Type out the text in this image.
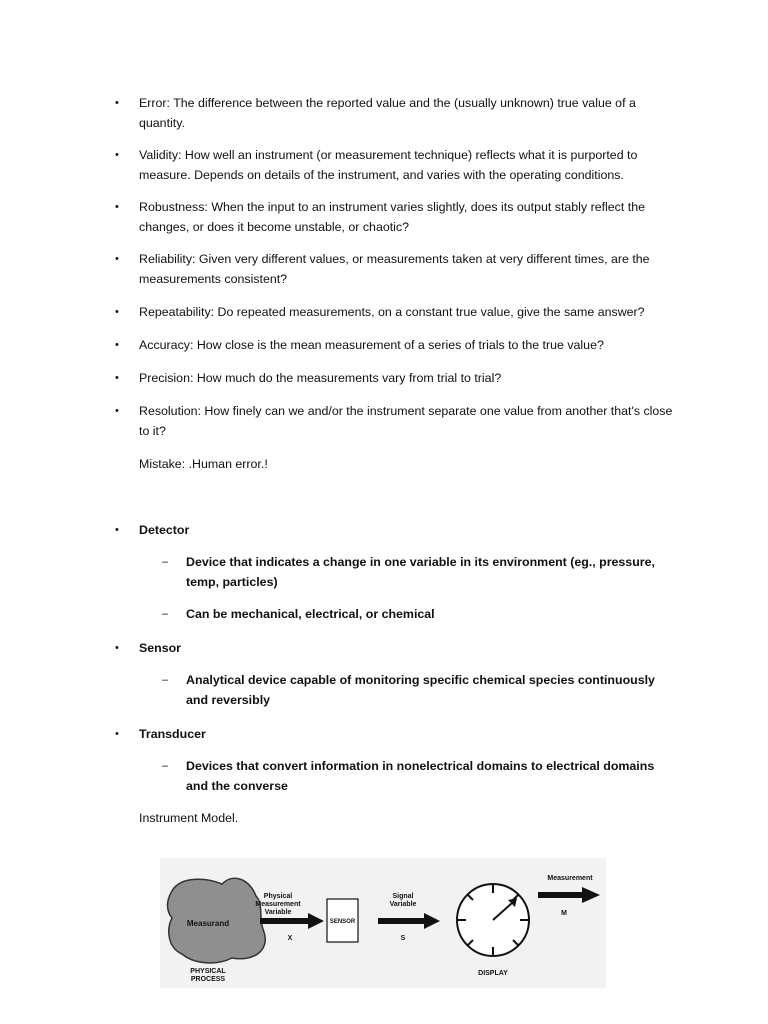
• Error: The difference between the reported value and the (usually unknown) true value of a quantity.
• Validity: How well an instrument (or measurement technique) reflects what it is purported to measure. Depends on details of the instrument, and varies with the operating conditions.
• Robustness: When the input to an instrument varies slightly, does its output stably reflect the changes, or does it become unstable, or chaotic?
• Reliability: Given very different values, or measurements taken at very different times, are the measurements consistent?
• Repeatability: Do repeated measurements, on a constant true value, give the same answer?
• Accuracy: How close is the mean measurement of a series of trials to the true value?
• Precision: How much do the measurements vary from trial to trial?
• Resolution: How finely can we and/or the instrument separate one value from another that's close to it?
Mistake: .Human error.!
• Detector
– Device that indicates a change in one variable in its environment (eg., pressure, temp, particles)
– Can be mechanical, electrical, or chemical
• Sensor
– Analytical device capable of monitoring specific chemical species continuously and reversibly
• Transducer
– Devices that convert information in nonelectrical domains to electrical domains and the converse
Instrument Model.
Measurand
PHYSICAL
PROCESS
Physical
Measurement
Variable
X
SENSOR
Signal
Variable
S
DISPLAY
Measurement
M
